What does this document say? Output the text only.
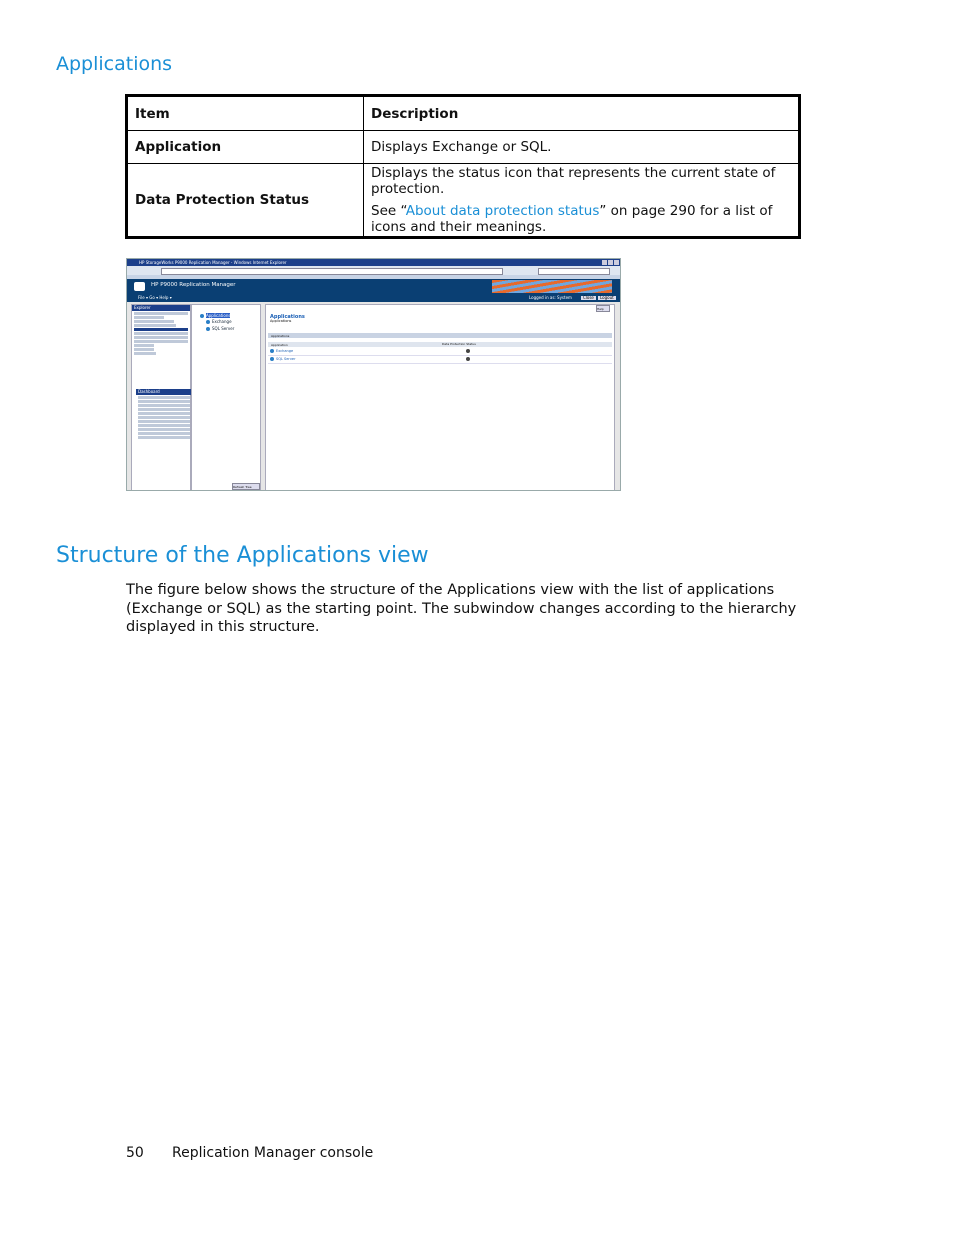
Applications
Item	Description
Application	Displays Exchange or SQL.
Data Protection Status	Displays the status icon that represents the current state of protection.
See “About data protection status” on page 290 for a list of icons and their meanings.
HP StorageWorks P9000 Replication Manager - Windows Internet Explorer
HP P9000 Replication Manager
File ▾ Go ▾ Help ▾	Logged in as: System	Close	Logout
Explorer
Dashboard
Applications
Exchange
SQL Server
Refresh Tree
Help
Applications
Applications
Applications
Application	Data Protection Status
Exchange
SQL Server
Structure of the Applications view
The figure below shows the structure of the Applications view with the list of applications (Exchange or SQL) as the starting point. The subwindow changes according to the hierarchy displayed in this structure.
50 Replication Manager console
